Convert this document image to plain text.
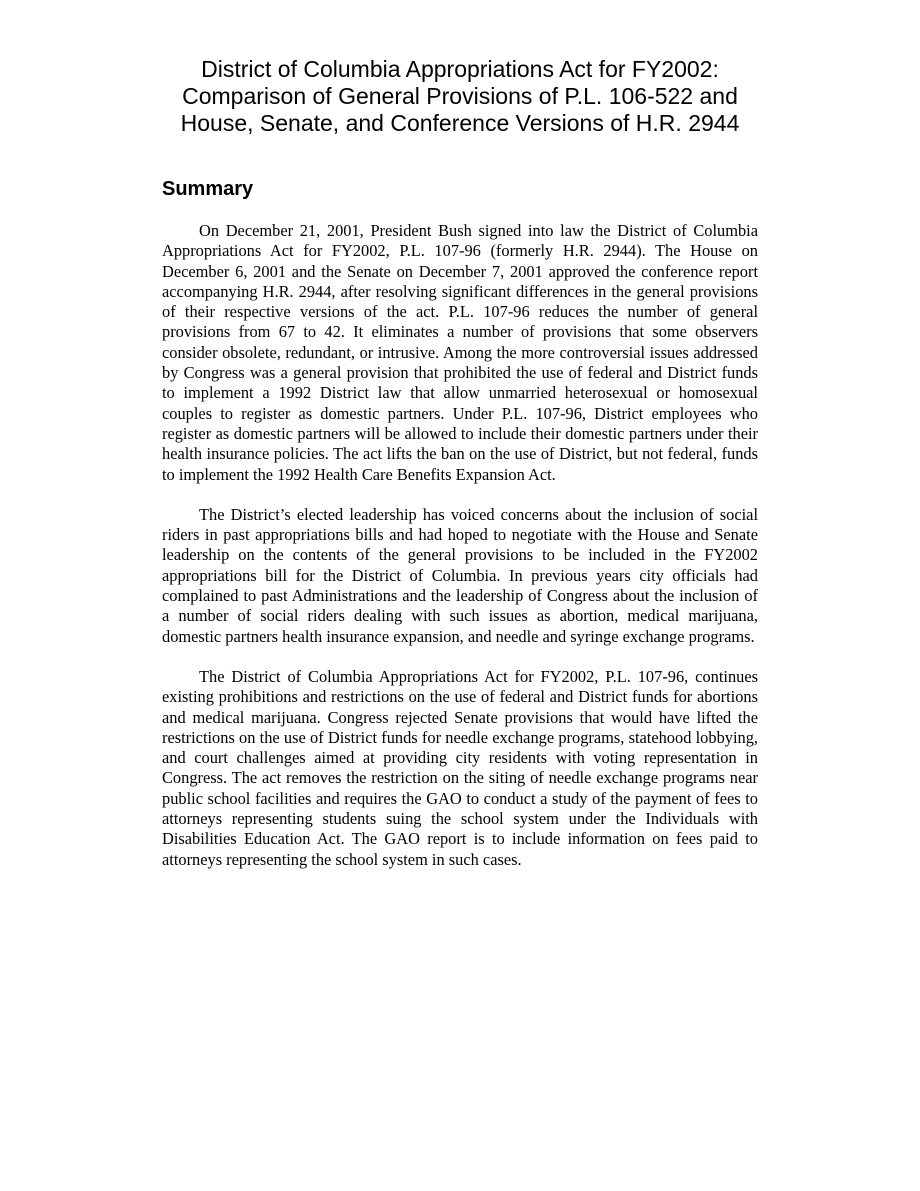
District of Columbia Appropriations Act for FY2002:
Comparison of General Provisions of P.L. 106-522 and
House, Senate, and Conference Versions of H.R. 2944
Summary

On December 21, 2001, President Bush signed into law the District of Columbia Appropriations Act for FY2002, P.L. 107-96 (formerly H.R. 2944). The House on December 6, 2001 and the Senate on December 7, 2001 approved the conference report accompanying H.R. 2944, after resolving significant differences in the general provisions of their respective versions of the act. P.L. 107-96 reduces the number of general provisions from 67 to 42. It eliminates a number of provisions that some observers consider obsolete, redundant, or intrusive. Among the more controversial issues addressed by Congress was a general provision that prohibited the use of federal and District funds to implement a 1992 District law that allow unmarried heterosexual or homosexual couples to register as domestic partners. Under P.L. 107-96, District employees who register as domestic partners will be allowed to include their domestic partners under their health insurance policies. The act lifts the ban on the use of District, but not federal, funds to implement the 1992 Health Care Benefits Expansion Act.

The District’s elected leadership has voiced concerns about the inclusion of social riders in past appropriations bills and had hoped to negotiate with the House and Senate leadership on the contents of the general provisions to be included in the FY2002 appropriations bill for the District of Columbia. In previous years city officials had complained to past Administrations and the leadership of Congress about the inclusion of a number of social riders dealing with such issues as abortion, medical marijuana, domestic partners health insurance expansion, and needle and syringe exchange programs.

The District of Columbia Appropriations Act for FY2002, P.L. 107-96, continues existing prohibitions and restrictions on the use of federal and District funds for abortions and medical marijuana. Congress rejected Senate provisions that would have lifted the restrictions on the use of District funds for needle exchange programs, statehood lobbying, and court challenges aimed at providing city residents with voting representation in Congress. The act removes the restriction on the siting of needle exchange programs near public school facilities and requires the GAO to conduct a study of the payment of fees to attorneys representing students suing the school system under the Individuals with Disabilities Education Act. The GAO report is to include information on fees paid to attorneys representing the school system in such cases.
